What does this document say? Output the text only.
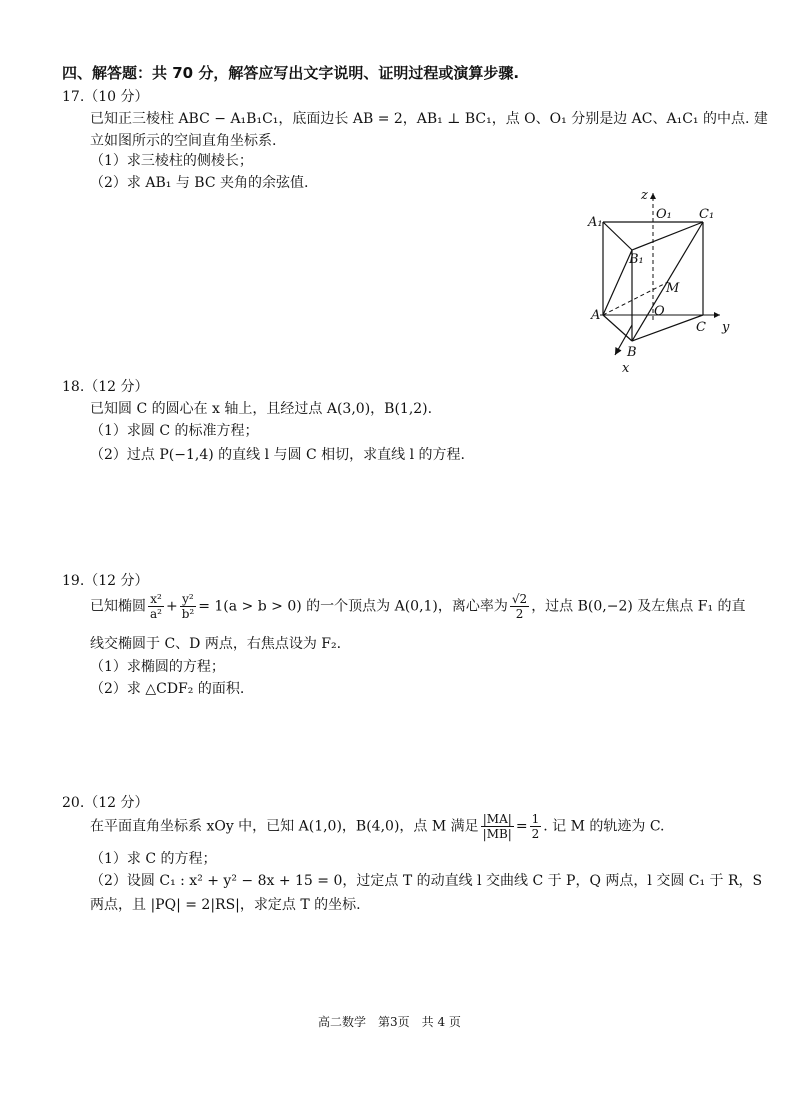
四、解答题：共 70 分，解答应写出文字说明、证明过程或演算步骤.
17.（10 分）
已知正三棱柱 ABC − A₁B₁C₁，底面边长 AB = 2，AB₁ ⊥ BC₁，点 O、O₁ 分别是边 AC、A₁C₁ 的中点. 建
立如图所示的空间直角坐标系.
（1）求三棱柱的侧棱长；
（2）求 AB₁ 与 BC 夹角的余弦值.
z
O₁ C₁
A₁
B₁
M
A	O
C y
B
x
18.（12 分）
已知圆 C 的圆心在 x 轴上，且经过点 A(3,0)，B(1,2).
（1）求圆 C 的标准方程；
（2）过点 P(−1,4) 的直线 l 与圆 C 相切，求直线 l 的方程.
19.（12 分）
已知椭圆 $\frac{\text{x²}}{\text{a²}} + \frac{\text{y²}}{\text{b²}} = 1(a > b > 0)$ 的一个顶点为 A(0,1)，离心率为 $\frac{√2}{2}$ ，过点 B(0,−2) 及左焦点 F₁ 的直
线交椭圆于 C、D 两点，右焦点设为 F₂.
（1）求椭圆的方程；
（2）求 △CDF₂ 的面积.
20.（12 分）
在平面直角坐标系 xOy 中，已知 A(1,0)，B(4,0)，点 M 满足 $\frac{|MA|}{|MB|} = \frac{1}{2}$ . 记 M 的轨迹为 C.
（1）求 C 的方程；
（2）设圆 C₁ : x² + y² − 8x + 15 = 0，过定点 T 的动直线 l 交曲线 C 于 P，Q 两点，l 交圆 C₁ 于 R，S
两点，且 |PQ| = 2|RS|，求定点 T 的坐标.
高二数学　第3页　共 4 页
